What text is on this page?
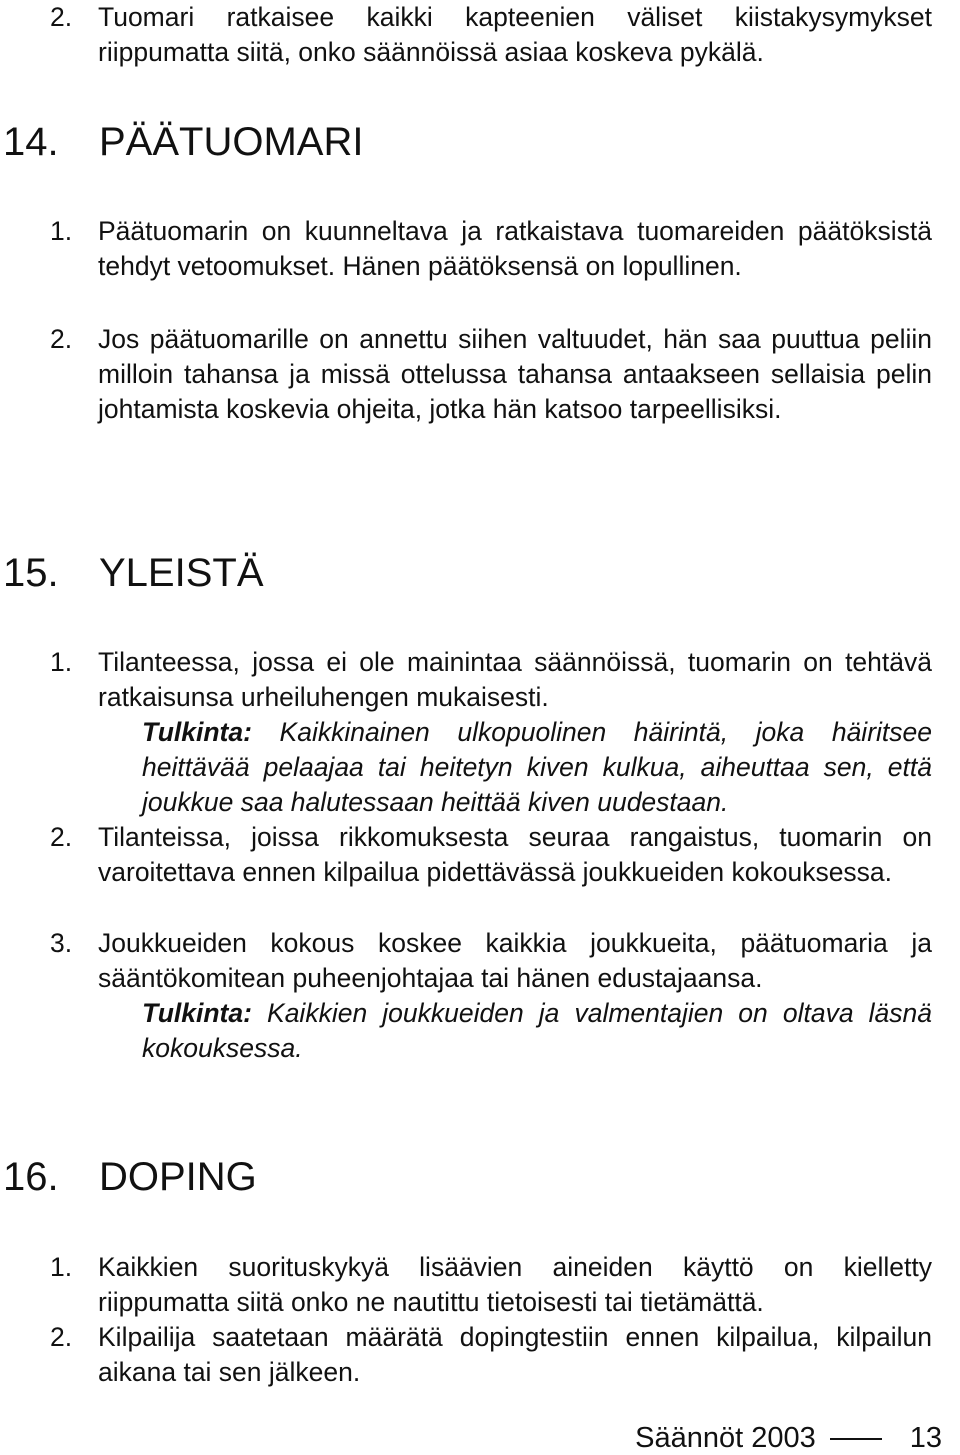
2. Tuomari ratkaisee kaikki kapteenien väliset kiistakysymykset riippumatta siitä, onko säännöissä asiaa koskeva pykälä.
14. PÄÄTUOMARI
1. Päätuomarin on kuunneltava ja ratkaistava tuomareiden päätöksistä tehdyt vetoomukset. Hänen päätöksensä on lopullinen.
2. Jos päätuomarille on annettu siihen valtuudet, hän saa puuttua peliin milloin tahansa ja missä ottelussa tahansa antaakseen sellaisia pelin johtamista koskevia ohjeita, jotka hän katsoo tarpeellisiksi.
15. YLEISTÄ
1. Tilanteessa, jossa ei ole mainintaa säännöissä, tuomarin on tehtävä ratkaisunsa urheiluhengen mukaisesti.
Tulkinta: Kaikkinainen ulkopuolinen häirintä, joka häiritsee heittävää pelaajaa tai heitetyn kiven kulkua, aiheuttaa sen, että joukkue saa halutessaan heittää kiven uudestaan.
2. Tilanteissa, joissa rikkomuksesta seuraa rangaistus, tuomarin on varoitettava ennen kilpailua pidettävässä joukkueiden kokouksessa.
3. Joukkueiden kokous koskee kaikkia joukkueita, päätuomaria ja sääntökomitean puheenjohtajaa tai hänen edustajaansa.
Tulkinta: Kaikkien joukkueiden ja valmentajien on oltava läsnä kokouksessa.
16. DOPING
1. Kaikkien suorituskykyä lisäävien aineiden käyttö on kielletty riippumatta siitä onko ne nautittu tietoisesti tai tietämättä.
2. Kilpailija saatetaan määrätä dopingtestiin ennen kilpailua, kilpailun aikana tai sen jälkeen.
Säännöt 2003	13
